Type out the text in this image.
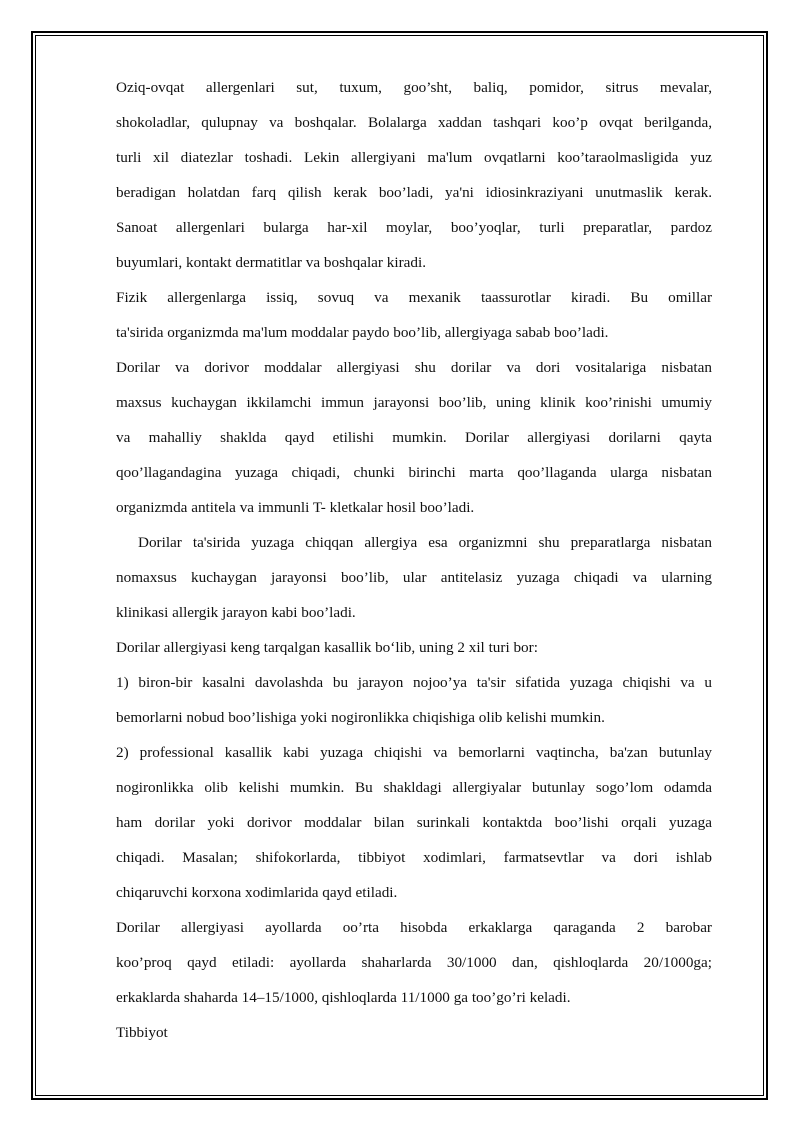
Oziq-ovqat allergenlari sut, tuxum, goo’sht, baliq, pomidor, sitrus mevalar,
shokoladlar, qulupnay va boshqalar. Bolalarga xaddan tashqari koo’p ovqat berilganda,
turli xil diatezlar toshadi. Lekin allergiyani ma'lum ovqatlarni koo’taraolmasligida yuz
beradigan holatdan farq qilish kerak boo’ladi, ya'ni idiosinkraziyani unutmaslik kerak.
Sanoat allergenlari bularga har-xil moylar, boo’yoqlar, turli preparatlar, pardoz
buyumlari, kontakt dermatitlar va boshqalar kiradi.
Fizik allergenlarga issiq, sovuq va mexanik taassurotlar kiradi. Bu omillar
ta'sirida organizmda ma'lum moddalar paydo boo’lib, allergiyaga sabab boo’ladi.
Dorilar va dorivor moddalar allergiyasi shu dorilar va dori vositalariga nisbatan
maxsus kuchaygan ikkilamchi immun jarayonsi boo’lib, uning klinik koo’rinishi umumiy
va mahalliy shaklda qayd etilishi mumkin. Dorilar allergiyasi dorilarni qayta
qoo’llagandagina yuzaga chiqadi, chunki birinchi marta qoo’llaganda ularga nisbatan
organizmda antitela va immunli T- kletkalar hosil boo’ladi.
Dorilar ta'sirida yuzaga chiqqan allergiya esa organizmni shu preparatlarga nisbatan
nomaxsus kuchaygan jarayonsi boo’lib, ular antitelasiz yuzaga chiqadi va ularning
klinikasi allergik jarayon kabi boo’ladi.
Dorilar allergiyasi keng tarqalgan kasallik bo‘lib, uning 2 xil turi bor:
1) biron-bir kasalni davolashda bu jarayon nojoo’ya ta'sir sifatida yuzaga chiqishi va u
bemorlarni nobud boo’lishiga yoki nogironlikka chiqishiga olib kelishi mumkin.
2) professional kasallik kabi yuzaga chiqishi va bemorlarni vaqtincha, ba'zan butunlay
nogironlikka olib kelishi mumkin. Bu shakldagi allergiyalar butunlay sogo’lom odamda
ham dorilar yoki dorivor moddalar bilan surinkali kontaktda boo’lishi orqali yuzaga
chiqadi. Masalan; shifokorlarda, tibbiyot xodimlari, farmatsevtlar va dori ishlab
chiqaruvchi korxona xodimlarida qayd etiladi.
Dorilar allergiyasi ayollarda oo’rta hisobda erkaklarga qaraganda 2 barobar
koo’proq qayd etiladi: ayollarda shaharlarda 30/1000 dan, qishloqlarda 20/1000ga;
erkaklarda shaharda 14–15/1000, qishloqlarda 11/1000 ga too’go’ri keladi.
Tibbiyot
